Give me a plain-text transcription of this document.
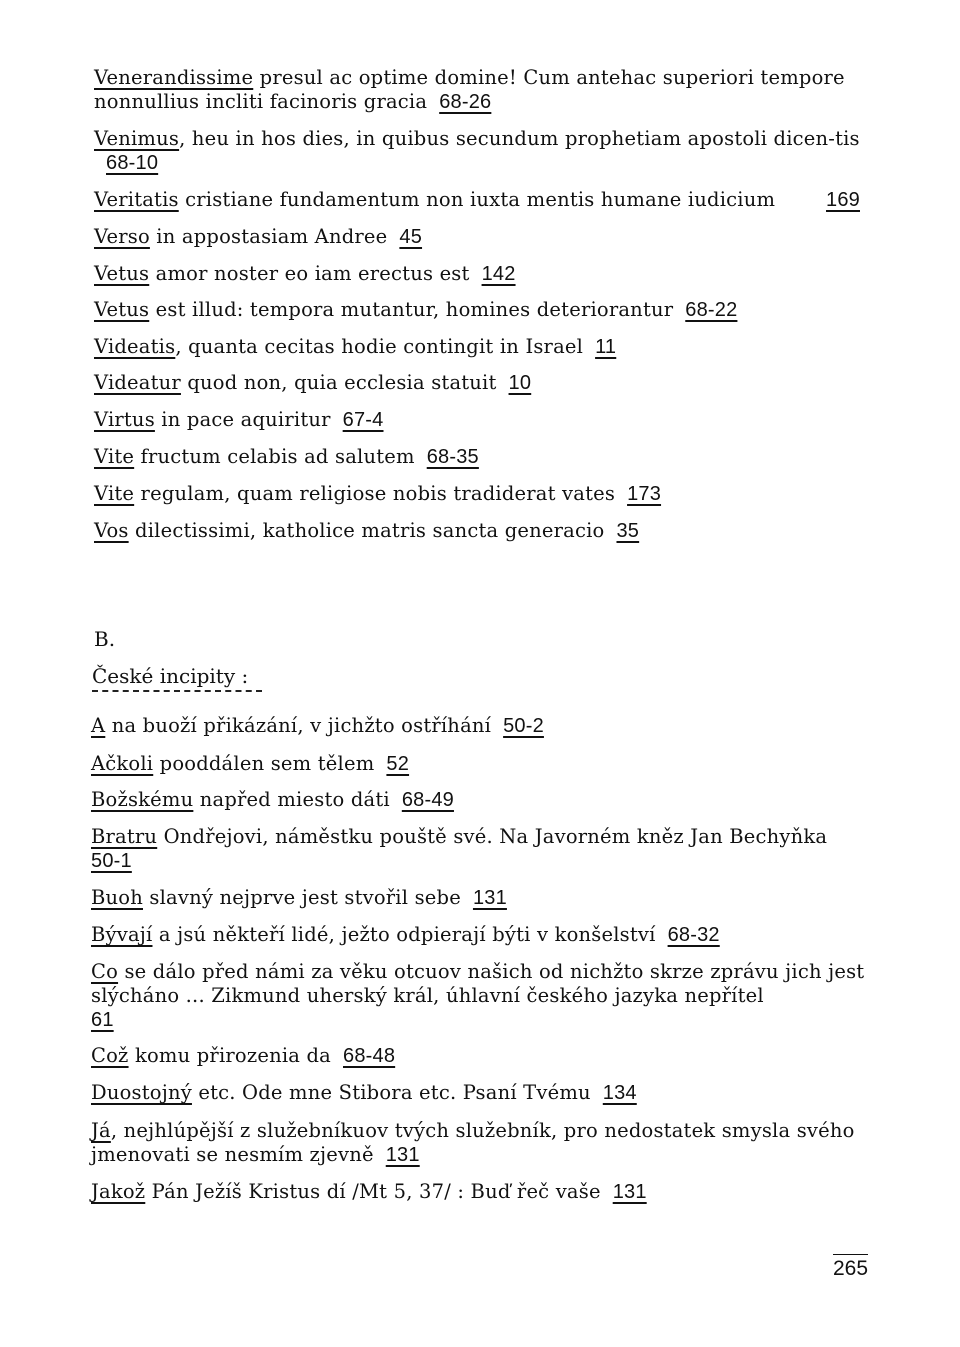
Venerandissime presul ac optime domine! Cum antehac superiori tempore nonnullius incliti facinoris gracia 68-26
Venimus, heu in hos dies, in quibus secundum prophetiam apostoli dicen-tis68-10
Veritatis cristiane fundamentum non iuxta mentis humane iudicium	169
Verso in appostasiam Andree 45
Vetus amor noster eo iam erectus est 142
Vetus est illud: tempora mutantur, homines deteriorantur 68-22
Videatis, quanta cecitas hodie contingit in Israel 11
Videatur quod non, quia ecclesia statuit 10
Virtus in pace aquiritur 67-4
Vite fructum celabis ad salutem 68-35
Vite regulam, quam religiose nobis tradiderat vates 173
Vos dilectissimi, katholice matris sancta generacio 35
B.
České incipity :
A na buoží přikázání, v jichžto ostříhání 50-2
Ačkoli pooddálen sem tělem 52
Božskému napřed miesto dáti 68-49
Bratru Ondřejovi, náměstku pouště své. Na Javorném kněz Jan Bechyňka
50-1
Buoh slavný nejprve jest stvořil sebe 131
Bývají a jsú někteří lidé, ježto odpierají býti v konšelství 68-32
Co se dálo před námi za věku otcuov našich od nichžto skrze zprávu jich jest slýcháno ... Zikmund uherský král, úhlavní českého jazyka nepřítel
61
Což komu přirozenia da 68-48
Duostojný etc. Ode mne Stibora etc. Psaní Tvému 134
Já, nejhlúpější z služebníkuov tvých služebník, pro nedostatek smysla svého jmenovati se nesmím zjevně 131
Jakož Pán Ježíš Kristus dí /Mt 5, 37/ : Buď řeč vaše 131
265
